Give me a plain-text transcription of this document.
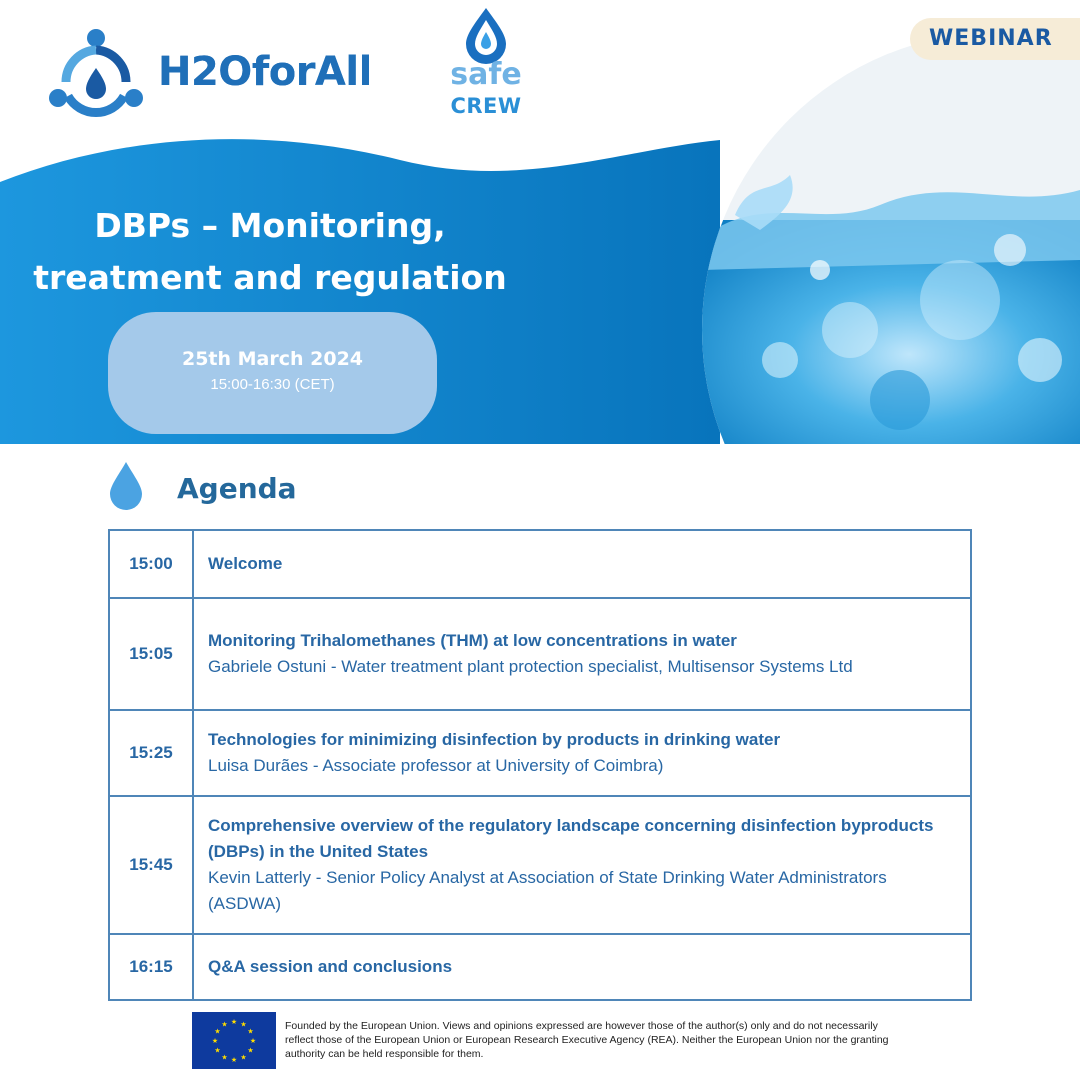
H2OforAll	safe
CREW
WEBINAR
DBPs – Monitoring,
treatment and regulation
25th March 2024
15:00-16:30 (CET)
Agenda
15:00	Welcome

15:05	Monitoring Trihalomethanes (THM) at low concentrations in water
Gabriele Ostuni - Water treatment plant protection specialist, Multisensor Systems Ltd

15:25	Technologies for minimizing disinfection by products in drinking water
Luisa Durães - Associate professor at University of Coimbra)

15:45	Comprehensive overview of the regulatory landscape concerning disinfection byproducts (DBPs) in the United States
Kevin Latterly - Senior Policy Analyst at Association of State Drinking Water Administrators (ASDWA)

16:15	Q&A session and conclusions
★ ★
★
★
★
★
★
★
★
★
★
★	Founded by the European Union. Views and opinions expressed are however those of the author(s) only and do not necessarily reflect those of the European Union or European Research Executive Agency (REA). Neither the European Union nor the granting authority can be held responsible for them.
